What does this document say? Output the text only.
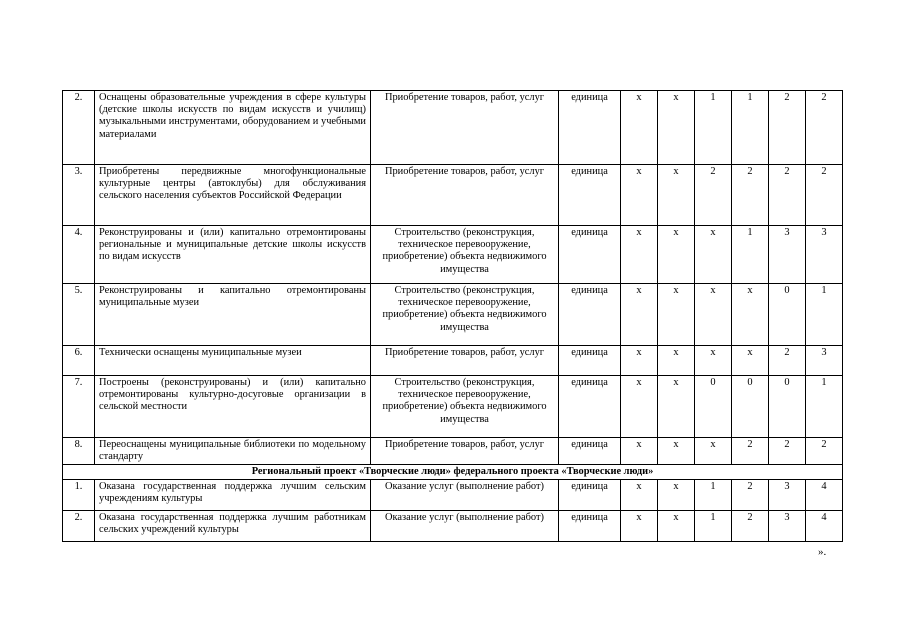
2.	Оснащены образовательные учреждения в сфере культуры (детские школы искусств по видам искусств и училищ) музыкальными инструментами, оборудованием и учебными материалами	Приобретение товаров, работ, услуг	единица	х	х	1	1	2	2
3.	Приобретены передвижные многофункциональные культурные центры (автоклубы) для обслуживания сельского населения субъектов Российской Федерации	Приобретение товаров, работ, услуг	единица	х	х	2	2	2	2
4.	Реконструированы и (или) капитально отремонтированы региональные и муниципальные детские школы искусств по видам искусств	Строительство (реконструкция, техническое перевооружение, приобретение) объекта недвижимого имущества	единица	х	х	х	1	3	3
5.	Реконструированы и капитально отремонтированы муниципальные музеи	Строительство (реконструкция, техническое перевооружение, приобретение) объекта недвижимого имущества	единица	х	х	х	х	0	1
6.	Технически оснащены муниципальные музеи	Приобретение товаров, работ, услуг	единица	х	х	х	х	2	3
7.	Построены (реконструированы) и (или) капитально отремонтированы культурно-досуговые организации в сельской местности	Строительство (реконструкция, техническое перевооружение, приобретение) объекта недвижимого имущества	единица	х	х	0	0	0	1
8.	Переоснащены муниципальные библиотеки по модельному стандарту	Приобретение товаров, работ, услуг	единица	х	х	х	2	2	2
Региональный проект «Творческие люди» федерального проекта «Творческие люди»									
1.	Оказана государственная поддержка лучшим сельским учреждениям культуры	Оказание услуг (выполнение работ)	единица	х	х	1	2	3	4
2.	Оказана государственная поддержка лучшим работникам сельских учреждений культуры	Оказание услуг (выполнение работ)	единица	х	х	1	2	3	4
».
